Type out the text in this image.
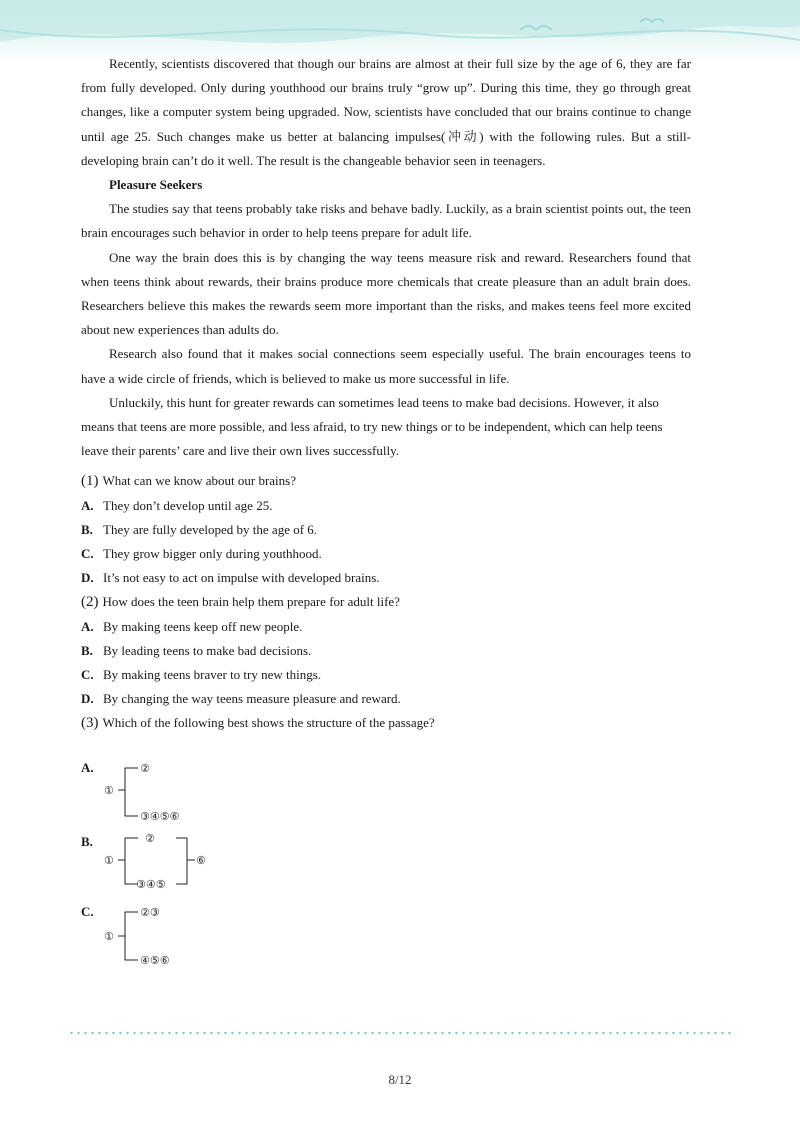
Recently, scientists discovered that though our brains are almost at their full size by the age of 6, they are far from fully developed. Only during youthhood our brains truly “grow up”. During this time, they go through great changes, like a computer system being upgraded. Now, scientists have concluded that our brains continue to change until age 25. Such changes make us better at balancing impulses(冲动) with the following rules. But a still-developing brain can’t do it well. The result is the changeable behavior seen in teenagers.

Pleasure Seekers

The studies say that teens probably take risks and behave badly. Luckily, as a brain scientist points out, the teen brain encourages such behavior in order to help teens prepare for adult life.

One way the brain does this is by changing the way teens measure risk and reward. Researchers found that when teens think about rewards, their brains produce more chemicals that create pleasure than an adult brain does. Researchers believe this makes the rewards seem more important than the risks, and makes teens feel more excited about new experiences than adults do.

Research also found that it makes social connections seem especially useful. The brain encourages teens to have a wide circle of friends, which is believed to make us more successful in life.

Unluckily, this hunt for greater rewards can sometimes lead teens to make bad decisions. However, it also means that teens are more possible, and less afraid, to try new things or to be independent, which can help teens leave their parents’ care and live their own lives successfully.

(1) What can we know about our brains?
A. They don’t develop until age 25.
B. They are fully developed by the age of 6.
C. They grow bigger only during youthhood.
D. It’s not easy to act on impulse with developed brains.
(2) How does the teen brain help them prepare for adult life?
A. By making teens keep off new people.
B. By leading teens to make bad decisions.
C. By making teens braver to try new things.
D. By changing the way teens measure pleasure and reward.
(3) Which of the following best shows the structure of the passage?
A.
①
②
③④⑤⑥
B.
①
②
③④⑤
⑥
C.
①
②③
④⑤⑥
8/12
